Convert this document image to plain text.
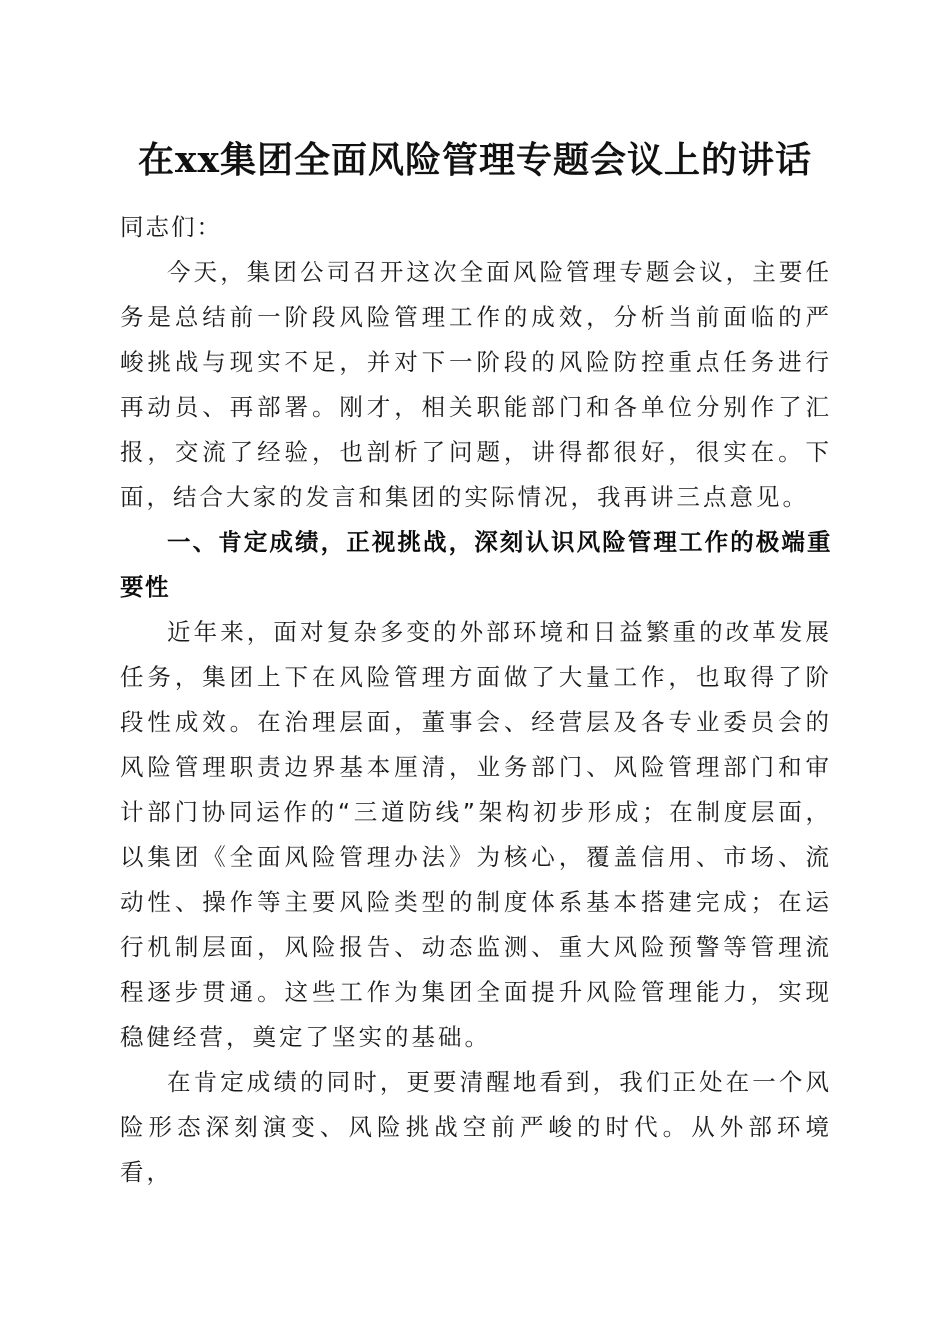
在xx集团全面风险管理专题会议上的讲话

同志们：

今天，集团公司召开这次全面风险管理专题会议，主要任务是总结前一阶段风险管理工作的成效，分析当前面临的严峻挑战与现实不足，并对下一阶段的风险防控重点任务进行再动员、再部署。刚才，相关职能部门和各单位分别作了汇报，交流了经验，也剖析了问题，讲得都很好，很实在。下面，结合大家的发言和集团的实际情况，我再讲三点意见。

一、肯定成绩，正视挑战，深刻认识风险管理工作的极端重要性

近年来，面对复杂多变的外部环境和日益繁重的改革发展任务，集团上下在风险管理方面做了大量工作，也取得了阶段性成效。在治理层面，董事会、经营层及各专业委员会的风险管理职责边界基本厘清，业务部门、风险管理部门和审计部门协同运作的“三道防线”架构初步形成；在制度层面，以集团《全面风险管理办法》为核心，覆盖信用、市场、流动性、操作等主要风险类型的制度体系基本搭建完成；在运行机制层面，风险报告、动态监测、重大风险预警等管理流程逐步贯通。这些工作为集团全面提升风险管理能力，实现稳健经营，奠定了坚实的基础。

在肯定成绩的同时，更要清醒地看到，我们正处在一个风险形态深刻演变、风险挑战空前严峻的时代。从外部环境看，
